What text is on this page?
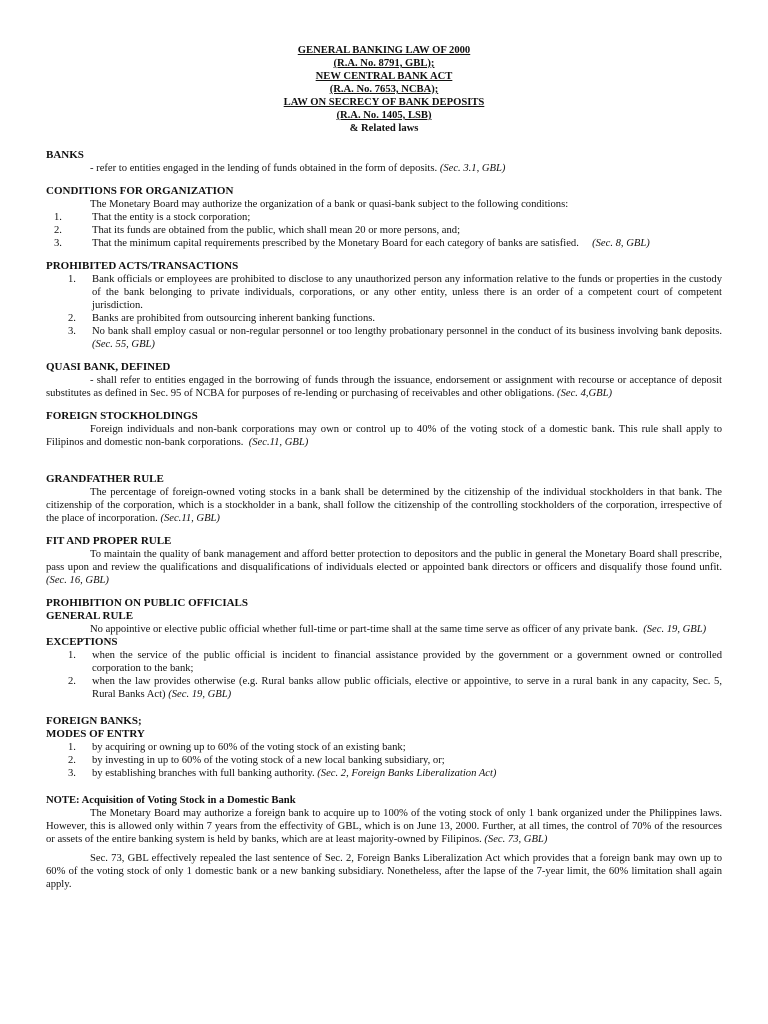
GENERAL BANKING LAW OF 2000
(R.A. No. 8791, GBL);
NEW CENTRAL BANK ACT
(R.A. No. 7653, NCBA);
LAW ON SECRECY OF BANK DEPOSITS
(R.A. No. 1405, LSB)
& Related laws
BANKS

- refer to entities engaged in the lending of funds obtained in the form of deposits. (Sec. 3.1, GBL)

CONDITIONS FOR ORGANIZATION

The Monetary Board may authorize the organization of a bank or quasi-bank subject to the following conditions:

1.	That the entity is a stock corporation;
2.	That its funds are obtained from the public, which shall mean 20 or more persons, and;
3.	That the minimum capital requirements prescribed by the Monetary Board for each category of banks are satisfied. (Sec. 8, GBL)
PROHIBITED ACTS/TRANSACTIONS
1. Bank officials or employees are prohibited to disclose to any unauthorized person any information relative to the funds or properties in the custody of the bank belonging to private individuals, corporations, or any other entity, unless there is an order of a competent court of competent jurisdiction.
2. Banks are prohibited from outsourcing inherent banking functions.
3. No bank shall employ casual or non-regular personnel or too lengthy probationary personnel in the conduct of its business involving bank deposits. (Sec. 55, GBL)
QUASI BANK, DEFINED

- shall refer to entities engaged in the borrowing of funds through the issuance, endorsement or assignment with recourse or acceptance of deposit substitutes as defined in Sec. 95 of NCBA for purposes of re-lending or purchasing of receivables and other obligations. (Sec. 4,GBL)

FOREIGN STOCKHOLDINGS

Foreign individuals and non-bank corporations may own or control up to 40% of the voting stock of a domestic bank. This rule shall apply to Filipinos and domestic non-bank corporations. (Sec.11, GBL)

GRANDFATHER RULE

The percentage of foreign-owned voting stocks in a bank shall be determined by the citizenship of the individual stockholders in that bank. The citizenship of the corporation, which is a stockholder in a bank, shall follow the citizenship of the controlling stockholders of the corporation, irrespective of the place of incorporation. (Sec.11, GBL)

FIT AND PROPER RULE

To maintain the quality of bank management and afford better protection to depositors and the public in general the Monetary Board shall prescribe, pass upon and review the qualifications and disqualifications of individuals elected or appointed bank directors or officers and disqualify those found unfit. (Sec. 16, GBL)

PROHIBITION ON PUBLIC OFFICIALS
GENERAL RULE

No appointive or elective public official whether full-time or part-time shall at the same time serve as officer of any private bank. (Sec. 19, GBL)

EXCEPTIONS
1. when the service of the public official is incident to financial assistance provided by the government or a government owned or controlled corporation to the bank;
2. when the law provides otherwise (e.g. Rural banks allow public officials, elective or appointive, to serve in a rural bank in any capacity, Sec. 5, Rural Banks Act) (Sec. 19, GBL)
FOREIGN BANKS;
MODES OF ENTRY
1. by acquiring or owning up to 60% of the voting stock of an existing bank;
2. by investing in up to 60% of the voting stock of a new local banking subsidiary, or;
3. by establishing branches with full banking authority. (Sec. 2, Foreign Banks Liberalization Act)
NOTE: Acquisition of Voting Stock in a Domestic Bank

The Monetary Board may authorize a foreign bank to acquire up to 100% of the voting stock of only 1 bank organized under the Philippines laws. However, this is allowed only within 7 years from the effectivity of GBL, which is on June 13, 2000. Further, at all times, the control of 70% of the resources or assets of the entire banking system is held by banks, which are at least majority-owned by Filipinos. (Sec. 73, GBL)

Sec. 73, GBL effectively repealed the last sentence of Sec. 2, Foreign Banks Liberalization Act which provides that a foreign bank may own up to 60% of the voting stock of only 1 domestic bank or a new banking subsidiary. Nonetheless, after the lapse of the 7-year limit, the 60% limitation shall again apply.
